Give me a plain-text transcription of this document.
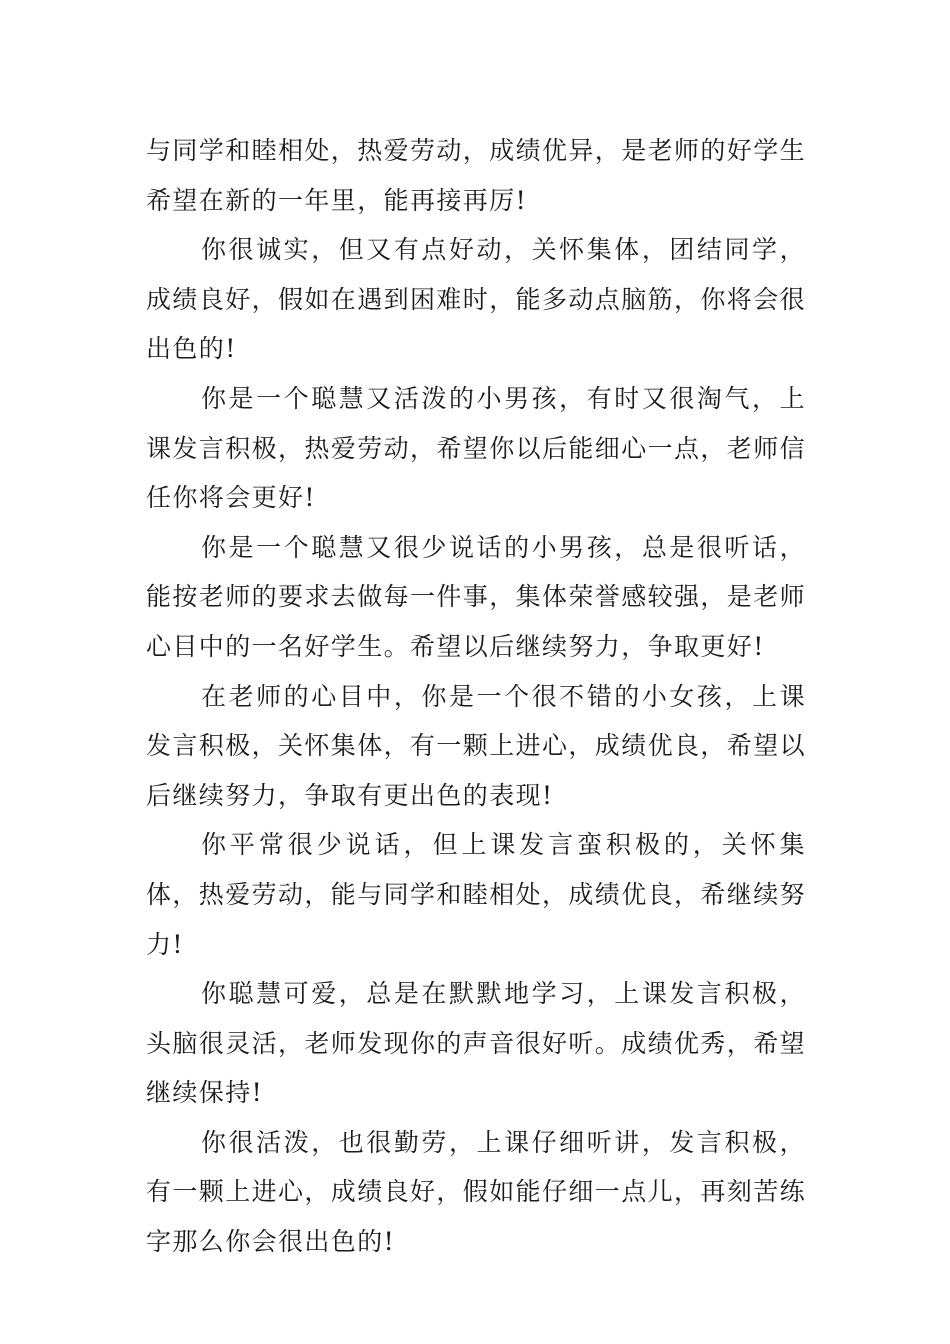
与同学和睦相处，热爱劳动，成绩优异，是老师的好学生希望在新的一年里，能再接再厉!

你很诚实，但又有点好动，关怀集体，团结同学，成绩良好，假如在遇到困难时，能多动点脑筋，你将会很出色的!

你是一个聪慧又活泼的小男孩，有时又很淘气，上课发言积极，热爱劳动，希望你以后能细心一点，老师信任你将会更好!

你是一个聪慧又很少说话的小男孩，总是很听话，能按老师的要求去做每一件事，集体荣誉感较强，是老师心目中的一名好学生。希望以后继续努力，争取更好!

在老师的心目中，你是一个很不错的小女孩，上课发言积极，关怀集体，有一颗上进心，成绩优良，希望以后继续努力，争取有更出色的表现!

你平常很少说话，但上课发言蛮积极的，关怀集体，热爱劳动，能与同学和睦相处，成绩优良，希继续努力!

你聪慧可爱，总是在默默地学习，上课发言积极，头脑很灵活，老师发现你的声音很好听。成绩优秀，希望继续保持!

你很活泼，也很勤劳，上课仔细听讲，发言积极，有一颗上进心，成绩良好，假如能仔细一点儿，再刻苦练字那么你会很出色的!
